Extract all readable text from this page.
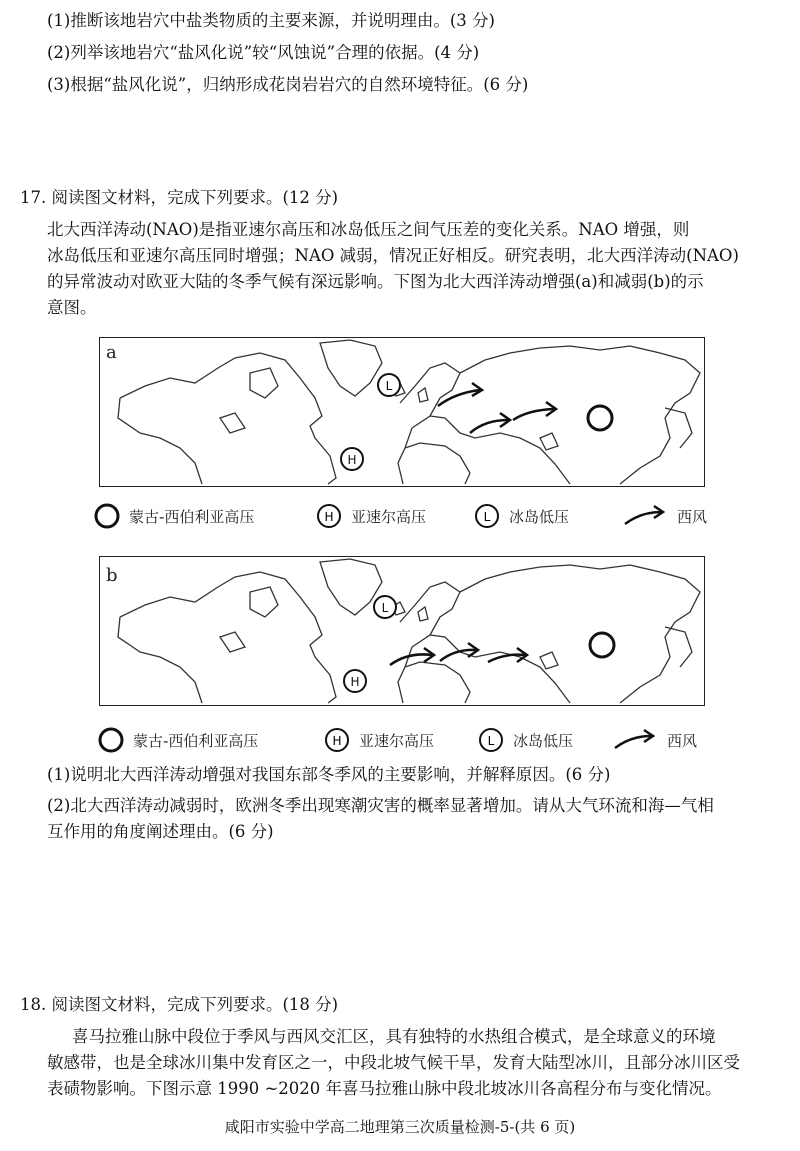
(1)推断该地岩穴中盐类物质的主要来源，并说明理由。(3 分)
(2)列举该地岩穴“盐风化说”较“风蚀说”合理的依据。(4 分)
(3)根据“盐风化说”，归纳形成花岗岩岩穴的自然环境特征。(6 分)
17. 阅读图文材料，完成下列要求。(12 分)
北大西洋涛动(NAO)是指亚速尔高压和冰岛低压之间气压差的变化关系。NAO 增强，则
冰岛低压和亚速尔高压同时增强；NAO 减弱，情况正好相反。研究表明，北大西洋涛动(NAO)
的异常波动对欧亚大陆的冬季气候有深远影响。下图为北大西洋涛动增强(a)和减弱(b)的示
意图。
a
L
H
蒙古-西伯利亚高压	H 亚速尔高压	L 冰岛低压	西风
b
L
H
蒙古-西伯利亚高压	H 亚速尔高压	L 冰岛低压	西风
(1)说明北大西洋涛动增强对我国东部冬季风的主要影响，并解释原因。(6 分)
(2)北大西洋涛动减弱时，欧洲冬季出现寒潮灾害的概率显著增加。请从大气环流和海—气相
互作用的角度阐述理由。(6 分)
18. 阅读图文材料，完成下列要求。(18 分)
喜马拉雅山脉中段位于季风与西风交汇区，具有独特的水热组合模式，是全球意义的环境
敏感带，也是全球冰川集中发育区之一，中段北坡气候干旱，发育大陆型冰川，且部分冰川区受
表碛物影响。下图示意 1990 ~2020 年喜马拉雅山脉中段北坡冰川各高程分布与变化情况。
咸阳市实验中学高二地理第三次质量检测-5-(共 6 页)
